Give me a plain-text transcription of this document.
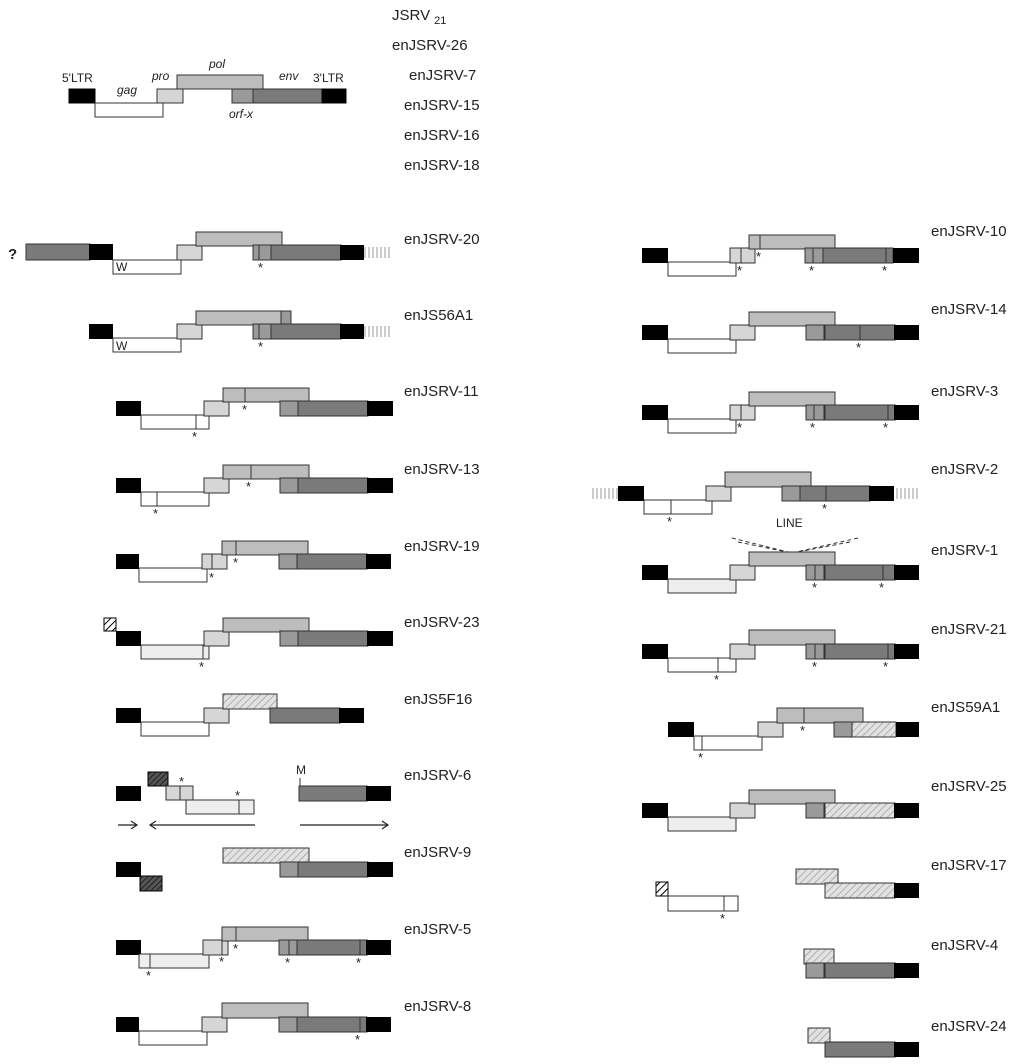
JSRV $_{21}$
enJSRV-26
enJSRV-7
enJSRV-15
enJSRV-16
enJSRV-18
5'LTR
gag
pro
pol
orf-x
env 3'LTR
enJSRV-20
enJS56A1
enJSRV-11
enJSRV-13
enJSRV-19
enJSRV-23
enJS5F16
enJSRV-6
enJSRV-9
enJSRV-5
enJSRV-8
enJSRV-10
enJSRV-14
enJSRV-3
enJSRV-2
enJSRV-1
enJSRV-21
enJS59A1
enJSRV-25
enJSRV-17
enJSRV-4
enJSRV-24
?
W	*
W	*
*
*
*
*
*
*
*
*
*
M
*
*	*	*
*
*
*
*
*	*
*
*	*	*
*
*	LINE
*	*
*
*	*
*
*
*
